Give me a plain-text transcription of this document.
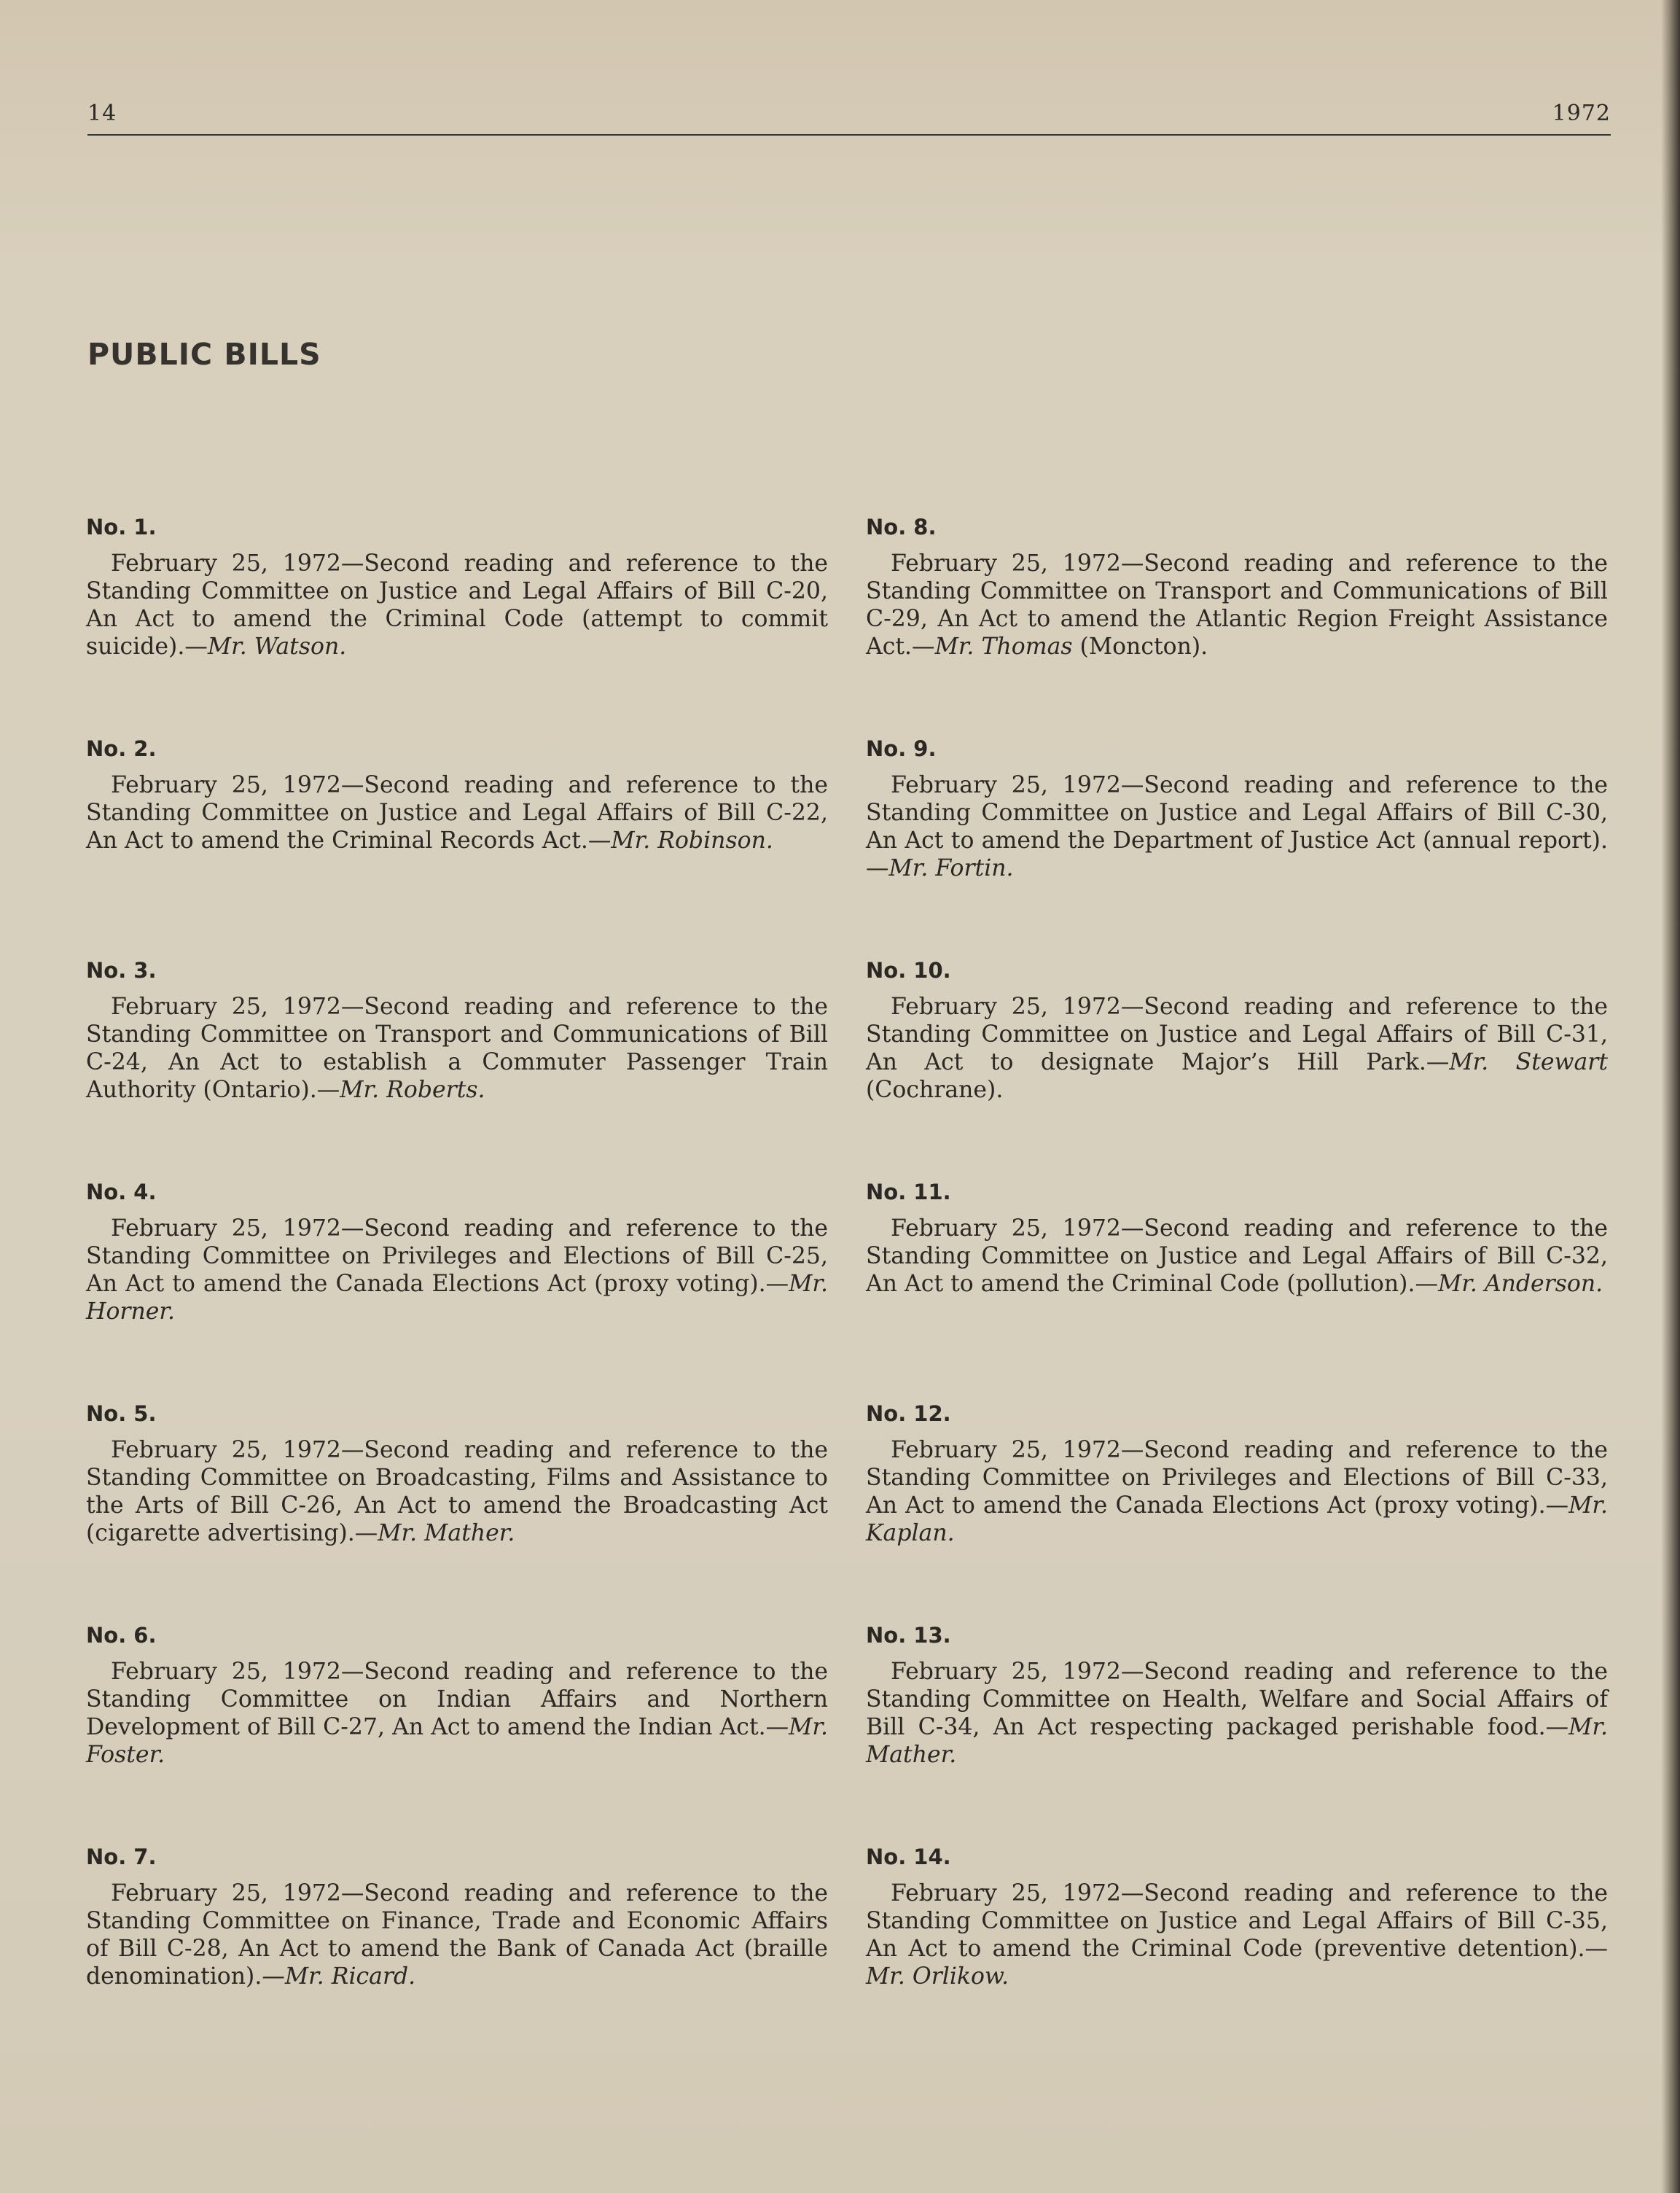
14	1972
PUBLIC BILLS

No. 1.

February 25, 1972—Second reading and reference to the Standing Committee on Justice and Legal Affairs of Bill C-20, An Act to amend the Criminal Code (attempt to commit suicide).—Mr. Watson.

No. 2.

February 25, 1972—Second reading and reference to the Standing Committee on Justice and Legal Affairs of Bill C-22, An Act to amend the Criminal Records Act.—Mr. Robinson.

No. 3.

February 25, 1972—Second reading and reference to the Standing Committee on Transport and Communications of Bill C-24, An Act to establish a Commuter Passenger Train Authority (Ontario).—Mr. Roberts.

No. 4.

February 25, 1972—Second reading and reference to the Standing Committee on Privileges and Elections of Bill C-25, An Act to amend the Canada Elections Act (proxy voting).—Mr. Horner.

No. 5.

February 25, 1972—Second reading and reference to the Standing Committee on Broadcasting, Films and Assistance to the Arts of Bill C-26, An Act to amend the Broadcasting Act (cigarette advertising).—Mr. Mather.

No. 6.

February 25, 1972—Second reading and reference to the Standing Committee on Indian Affairs and Northern Development of Bill C-27, An Act to amend the Indian Act.—Mr. Foster.

No. 7.

February 25, 1972—Second reading and reference to the Standing Committee on Finance, Trade and Economic Affairs of Bill C-28, An Act to amend the Bank of Canada Act (braille denomination).—Mr. Ricard.

No. 8.

February 25, 1972—Second reading and reference to the Standing Committee on Transport and Communications of Bill C-29, An Act to amend the Atlantic Region Freight Assistance Act.—Mr. Thomas (Moncton).

No. 9.

February 25, 1972—Second reading and reference to the Standing Committee on Justice and Legal Affairs of Bill C-30, An Act to amend the Department of Justice Act (annual report).—Mr. Fortin.

No. 10.

February 25, 1972—Second reading and reference to the Standing Committee on Justice and Legal Affairs of Bill C-31, An Act to designate Major’s Hill Park.—Mr. Stewart (Cochrane).

No. 11.

February 25, 1972—Second reading and reference to the Standing Committee on Justice and Legal Affairs of Bill C-32, An Act to amend the Criminal Code (pollution).—Mr. Anderson.

No. 12.

February 25, 1972—Second reading and reference to the Standing Committee on Privileges and Elections of Bill C-33, An Act to amend the Canada Elections Act (proxy voting).—Mr. Kaplan.

No. 13.

February 25, 1972—Second reading and reference to the Standing Committee on Health, Welfare and Social Affairs of Bill C-34, An Act respecting packaged perishable food.—Mr. Mather.

No. 14.

February 25, 1972—Second reading and reference to the Standing Committee on Justice and Legal Affairs of Bill C-35, An Act to amend the Criminal Code (preventive detention).—Mr. Orlikow.
